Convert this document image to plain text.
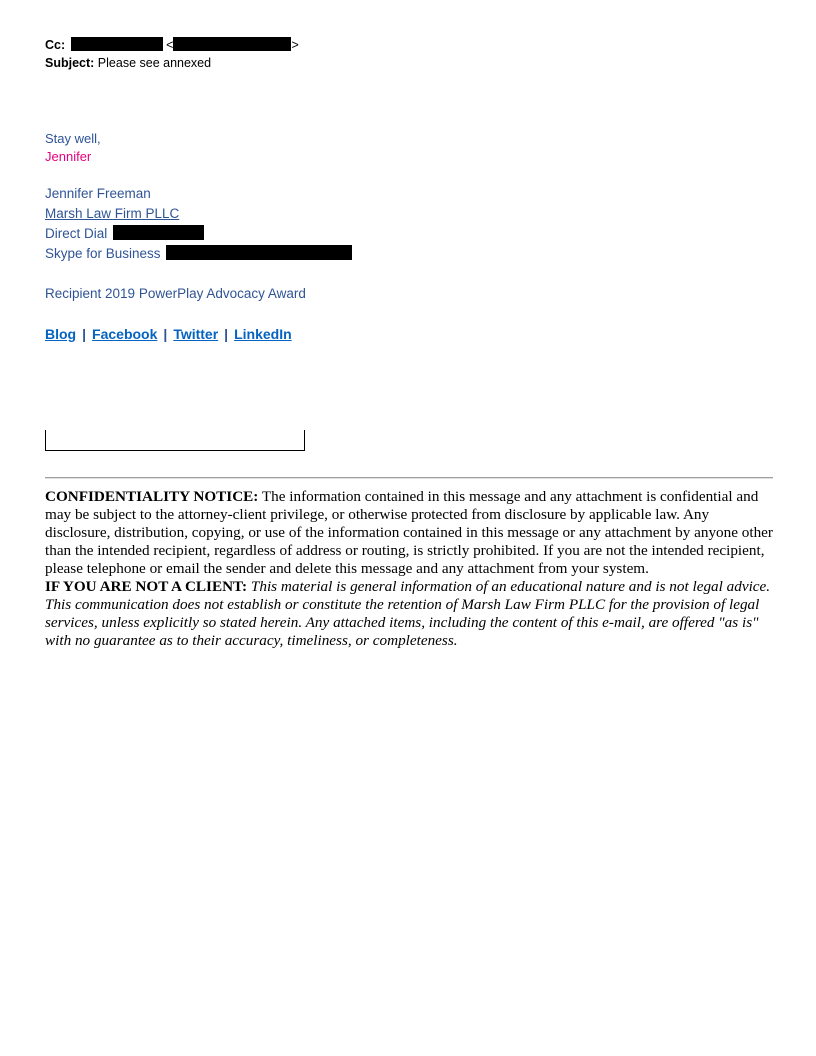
Cc:	<	>
Subject: Please see annexed
Stay well,
Jennifer
Jennifer Freeman
Marsh Law Firm PLLC
Direct Dial
Skype for Business
Recipient 2019 PowerPlay Advocacy Award
Blog | Facebook | Twitter | LinkedIn

CONFIDENTIALITY NOTICE: The information contained in this message and any attachment is confidential and may be subject to the attorney-client privilege, or otherwise protected from disclosure by applicable law. Any disclosure, distribution, copying, or use of the information contained in this message or any attachment by anyone other than the intended recipient, regardless of address or routing, is strictly prohibited. If you are not the intended recipient, please telephone or email the sender and delete this message and any attachment from your system.

IF YOU ARE NOT A CLIENT: This material is general information of an educational nature and is not legal advice. This communication does not establish or constitute the retention of Marsh Law Firm PLLC for the provision of legal services, unless explicitly so stated herein. Any attached items, including the content of this e-mail, are offered "as is" with no guarantee as to their accuracy, timeliness, or completeness.
